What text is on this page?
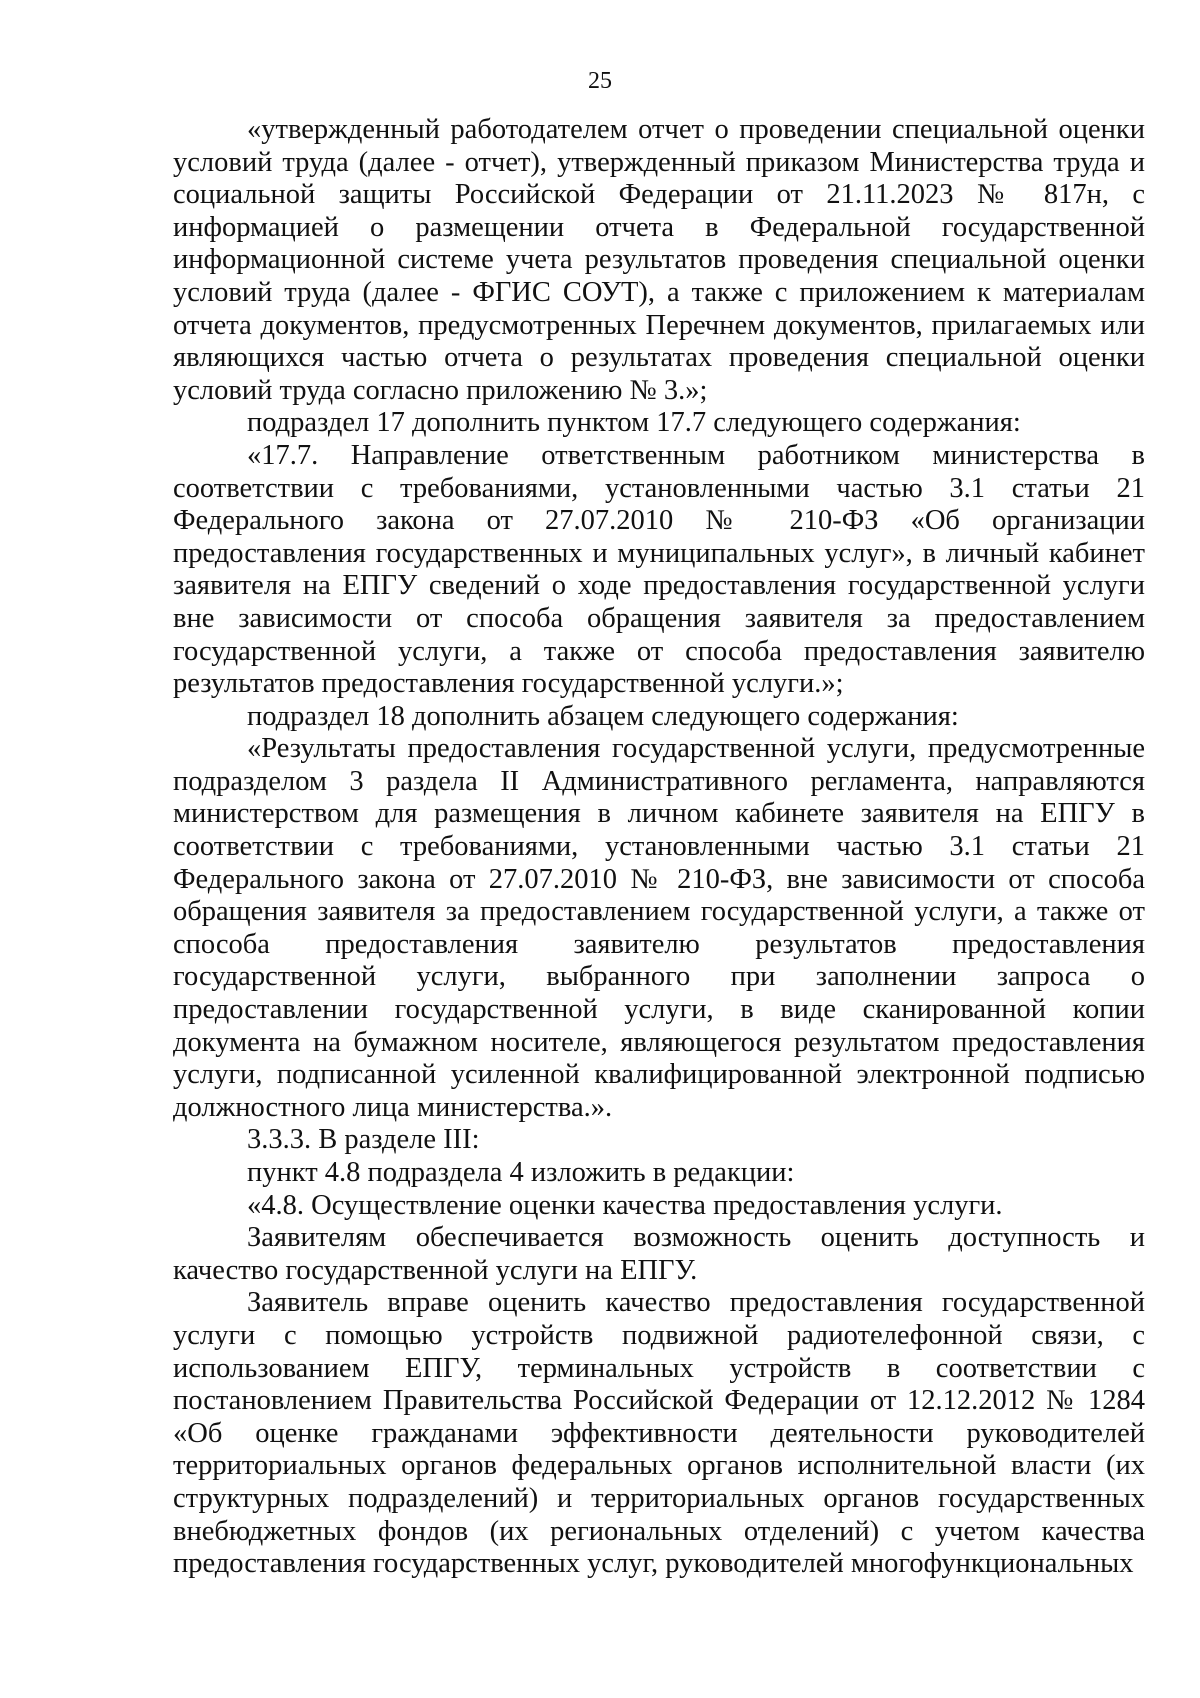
25

«утвержденный работодателем отчет о проведении специальной оценки условий труда (далее - отчет), утвержденный приказом Министерства труда и социальной защиты Российской Федерации от 21.11.2023 № 817н, с информацией о размещении отчета в Федеральной государственной информационной системе учета результатов проведения специальной оценки условий труда (далее - ФГИС СОУТ), а также с приложением к материалам отчета документов, предусмотренных Перечнем документов, прилагаемых или являющихся частью отчета о результатах проведения специальной оценки условий труда согласно приложению № 3.»;

подраздел 17 дополнить пунктом 17.7 следующего содержания:

«17.7. Направление ответственным работником министерства в соответствии с требованиями, установленными частью 3.1 статьи 21 Федерального закона от 27.07.2010 № 210-ФЗ «Об организации предоставления государственных и муниципальных услуг», в личный кабинет заявителя на ЕПГУ сведений о ходе предоставления государственной услуги вне зависимости от способа обращения заявителя за предоставлением государственной услуги, а также от способа предоставления заявителю результатов предоставления государственной услуги.»;

подраздел 18 дополнить абзацем следующего содержания:

«Результаты предоставления государственной услуги, предусмотренные подразделом 3 раздела II Административного регламента, направляются министерством для размещения в личном кабинете заявителя на ЕПГУ в соответствии с требованиями, установленными частью 3.1 статьи 21 Федерального закона от 27.07.2010 № 210-ФЗ, вне зависимости от способа обращения заявителя за предоставлением государственной услуги, а также от способа предоставления заявителю результатов предоставления государственной услуги, выбранного при заполнении запроса о предоставлении государственной услуги, в виде сканированной копии документа на бумажном носителе, являющегося результатом предоставления услуги, подписанной усиленной квалифицированной электронной подписью должностного лица министерства.».

3.3.3. В разделе III:

пункт 4.8 подраздела 4 изложить в редакции:

«4.8. Осуществление оценки качества предоставления услуги.

Заявителям обеспечивается возможность оценить доступность и качество государственной услуги на ЕПГУ.

Заявитель вправе оценить качество предоставления государственной услуги с помощью устройств подвижной радиотелефонной связи, с использованием ЕПГУ, терминальных устройств в соответствии с постановлением Правительства Российской Федерации от 12.12.2012 № 1284 «Об оценке гражданами эффективности деятельности руководителей территориальных органов федеральных органов исполнительной власти (их структурных подразделений) и территориальных органов государственных внебюджетных фондов (их региональных отделений) с учетом качества предоставления государственных услуг, руководителей многофункциональных
